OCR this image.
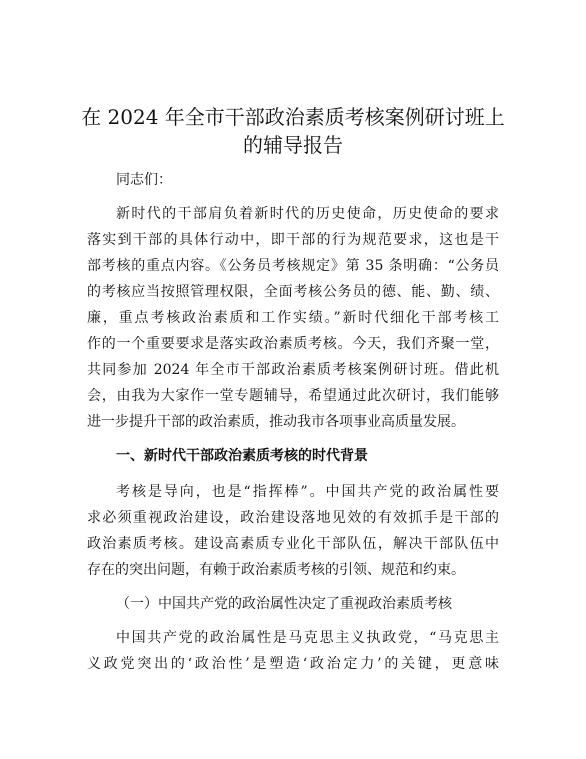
在 2024 年全市干部政治素质考核案例研讨班上
的辅导报告
同志们：
新时代的干部肩负着新时代的历史使命，历史使命的要求
落实到干部的具体行动中，即干部的行为规范要求，这也是干
部考核的重点内容。《公务员考核规定》第 35 条明确：“公务员
的考核应当按照管理权限，全面考核公务员的德、能、勤、绩、
廉，重点考核政治素质和工作实绩。”新时代细化干部考核工
作的一个重要要求是落实政治素质考核。今天，我们齐聚一堂，
共同参加 2024 年全市干部政治素质考核案例研讨班。借此机
会，由我为大家作一堂专题辅导，希望通过此次研讨，我们能够
进一步提升干部的政治素质，推动我市各项事业高质量发展。
一、新时代干部政治素质考核的时代背景
考核是导向，也是“指挥棒”。中国共产党的政治属性要
求必须重视政治建设，政治建设落地见效的有效抓手是干部的
政治素质考核。建设高素质专业化干部队伍，解决干部队伍中
存在的突出问题，有赖于政治素质考核的引领、规范和约束。
（一）中国共产党的政治属性决定了重视政治素质考核
中国共产党的政治属性是马克思主义执政党，“马克思主
义政党突出的‘政治性’是塑造‘政治定力’的关键，更意味
